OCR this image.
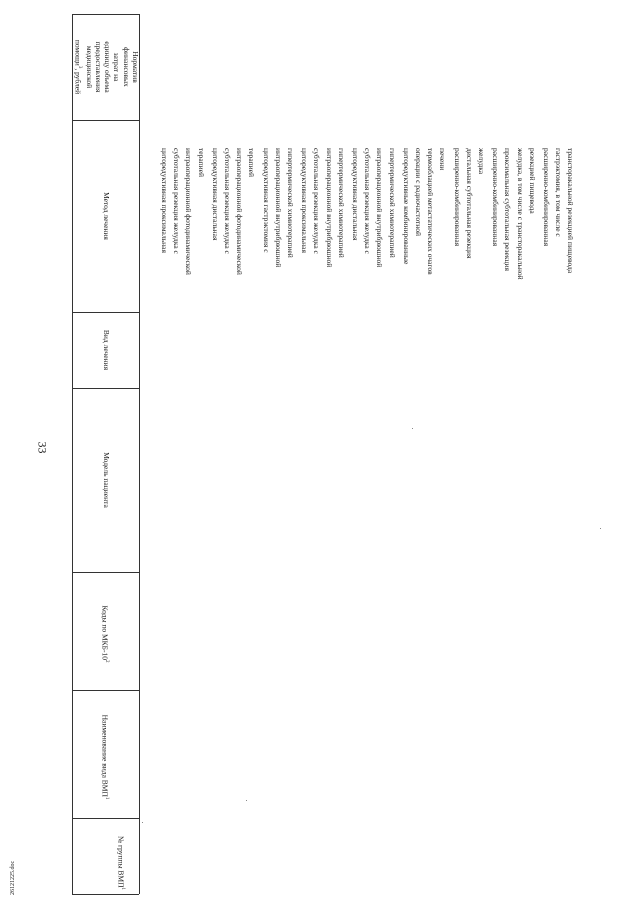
33
№ группы ВМП$^1$
Наименование вида ВМП$^1$
Коды по МКБ-$10^2$
Модель пациента
Вид лечения
Метод лечения
Норматив
финансовых
затрат на
единицу объема
предоставления
медицинской
помощи$^3$, рублей
циторедуктивная проксимальная субтотальная резекция желудка с интраоперационной фотодинамической терапией циторедуктивная дистальная субтотальная резекция желудка с интраоперационной фотодинамической терапией циторедуктивная гастрэктомия с интраоперационной внутрибрюшной гипертермической химиотерапией циторедуктивная проксимальная субтотальная резекция желудка с интраоперационной внутрибрюшной гипертермической химиотерапией циторедуктивная дистальная субтотальная резекция желудка с интраоперационной внутрибрюшной гипертермической химиотерапией циторедуктивные комбинированные операции с радиочастотной термоаблацией метастатических очагов печени расширенно-комбинированная дистальная субтотальная резекция желудка расширенно-комбинированная проксимальная субтотальная резекция желудка, в том числе с трансторакальной резекцией пищевода расширенно-комбинированная гастрэктомия, в том числе с трансторакальной резекцией пищевода
26121225.doc
